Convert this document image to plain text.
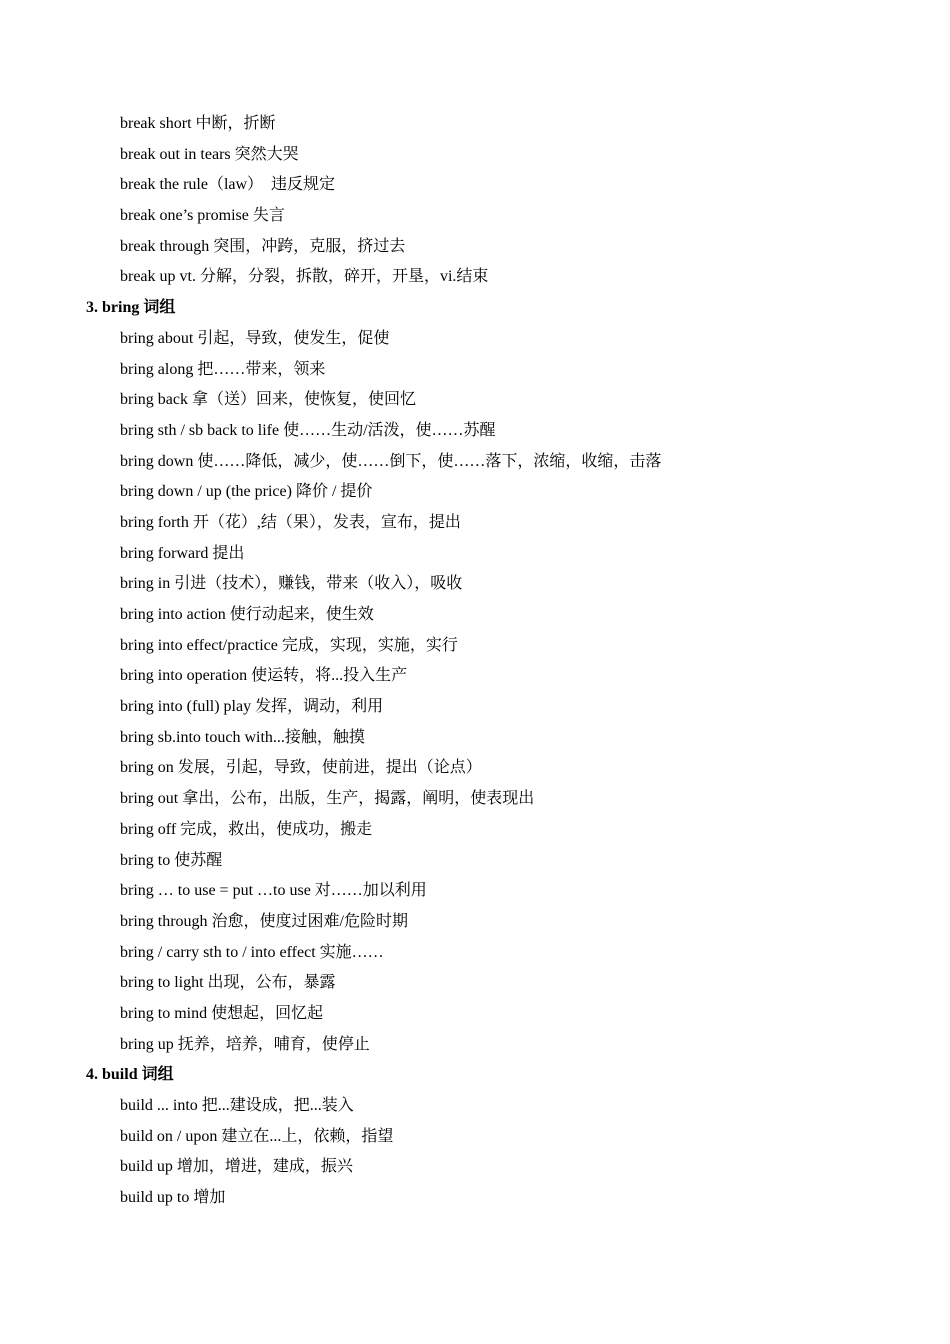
break short 中断，折断
break out in tears 突然大哭
break the rule（law）　违反规定
break one’s promise 失言
break through 突围，冲跨，克服，挤过去
break up vt. 分解，分裂，拆散，碎开，开垦，vi.结束
3. bring 词组
bring about 引起，导致，使发生，促使
bring along 把……带来，领来
bring back 拿（送）回来，使恢复，使回忆
bring sth / sb back to life 使……生动/活泼，使……苏醒
bring down 使……降低，减少，使……倒下，使……落下，浓缩，收缩，击落
bring down / up (the price) 降价 / 提价
bring forth 开（花）,结（果），发表，宣布，提出
bring forward 提出
bring in 引进（技术），赚钱，带来（收入），吸收
bring into action 使行动起来，使生效
bring into effect/practice 完成，实现，实施，实行
bring into operation 使运转，将...投入生产
bring into (full) play 发挥，调动，利用
bring sb.into touch with...接触，触摸
bring on 发展，引起，导致，使前进，提出（论点）
bring out 拿出，公布，出版，生产，揭露，阐明，使表现出
bring off 完成，救出，使成功，搬走
bring to 使苏醒
bring … to use = put …to use 对……加以利用
bring through 治愈，使度过困难/危险时期
bring / carry sth to / into effect 实施……
bring to light 出现，公布，暴露
bring to mind 使想起，回忆起
bring up 抚养，培养，哺育，使停止
4. build 词组
build ... into 把...建设成，把...装入
build on / upon 建立在...上，依赖，指望
build up 增加，增进，建成，振兴
build up to 增加
